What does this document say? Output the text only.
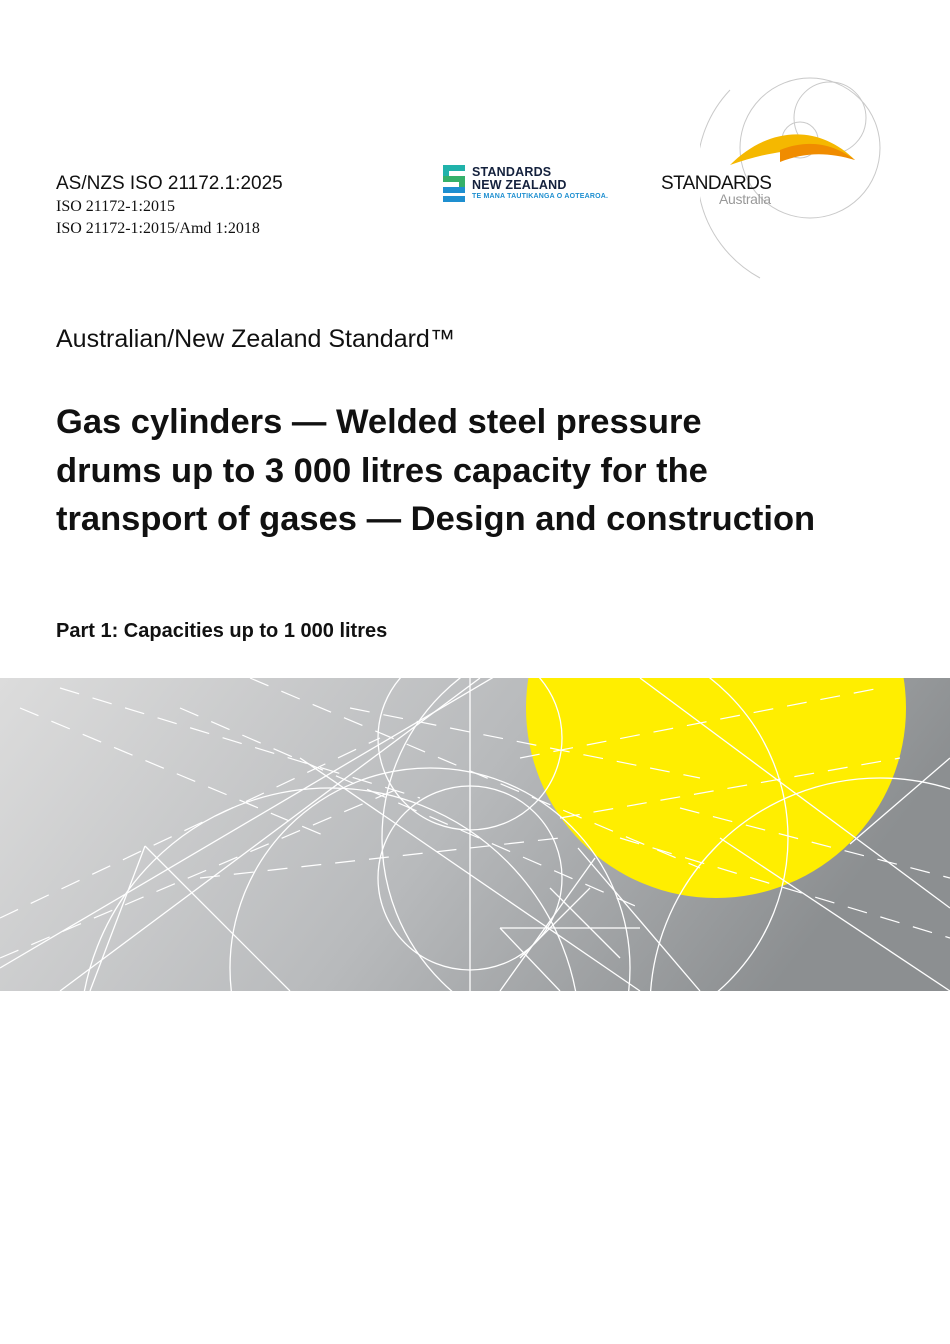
AS/NZS ISO 21172.1:2025
ISO 21172-1:2015
ISO 21172-1:2015/Amd 1:2018
STANDARDS
NEW ZEALAND
TE MANA TAUTIKANGA O AOTEAROA.
STANDARDS
Australia
Australian/New Zealand Standard™
Gas cylinders — Welded steel pressure drums up to 3 000 litres capacity for the transport of gases — Design and construction
Part 1: Capacities up to 1 000 litres
